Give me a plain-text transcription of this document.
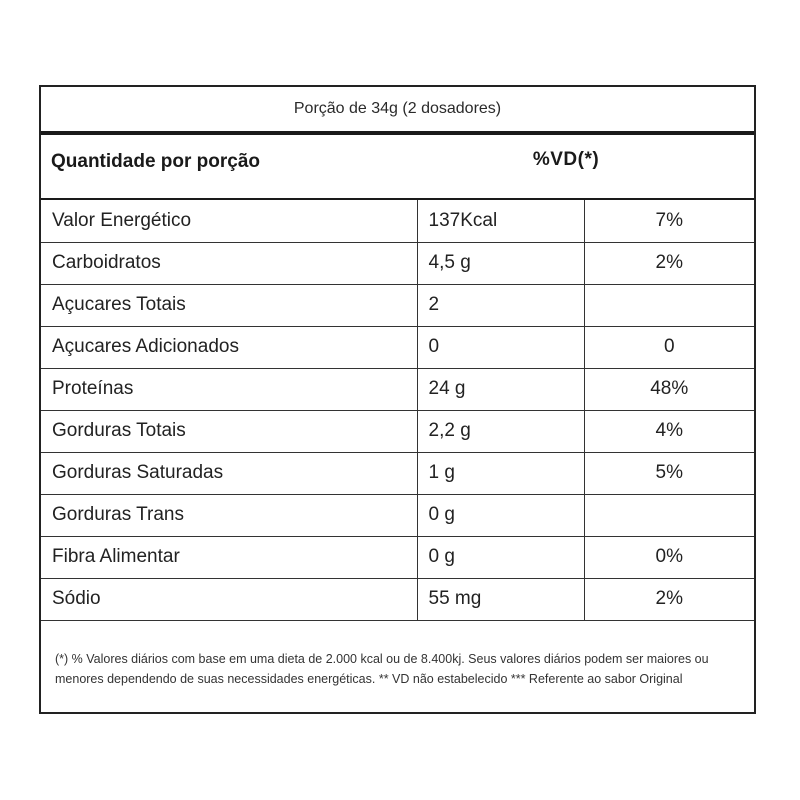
Porção de 34g (2 dosadores)
Quantidade por porção	%VD(*)
Valor Energético	137Kcal	7%
Carboidratos	4,5 g	2%
Açucares Totais	2	
Açucares Adicionados	0	0
Proteínas	24 g	48%
Gorduras Totais	2,2 g	4%
Gorduras Saturadas	1 g	5%
Gorduras Trans	0 g	
Fibra Alimentar	0 g	0%
Sódio	55 mg	2%
(*) % Valores diários com base em uma dieta de 2.000 kcal ou de 8.400kj. Seus valores diários podem ser maiores ou menores dependendo de suas necessidades energéticas. ** VD não estabelecido *** Referente ao sabor Original
